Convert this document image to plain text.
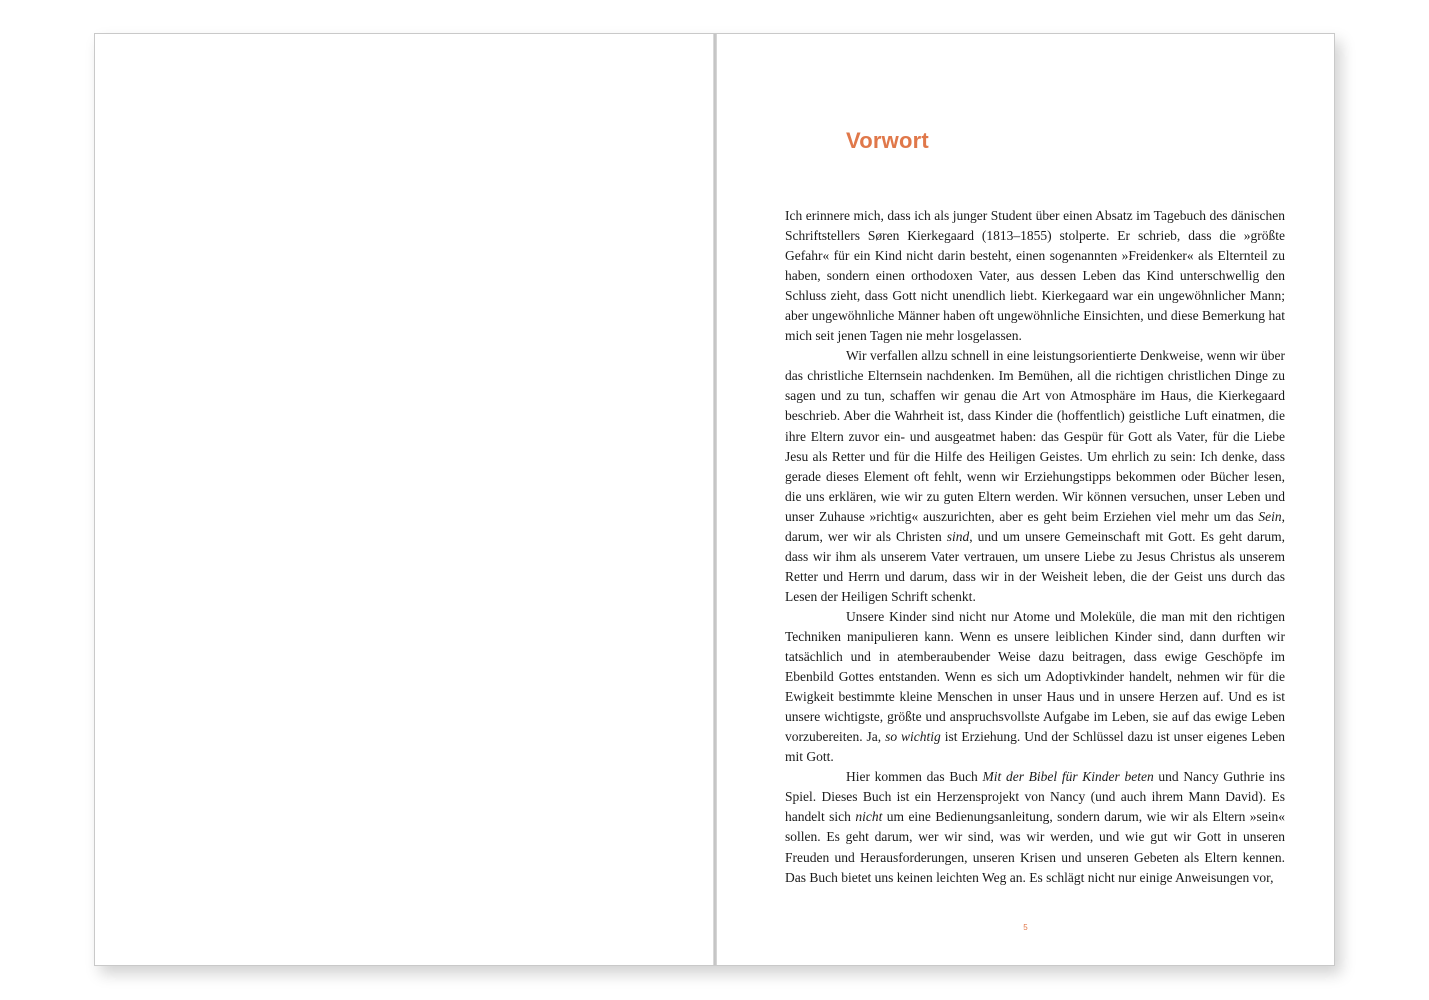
Vorwort

Ich erinnere mich, dass ich als junger Student über einen Absatz im Tagebuch des dänischen Schriftstellers Søren Kierkegaard (1813–1855) stolperte. Er schrieb, dass die »größte Gefahr« für ein Kind nicht darin besteht, einen sogenannten »Freidenker« als Elternteil zu haben, sondern einen orthodoxen Vater, aus dessen Leben das Kind unterschwellig den Schluss zieht, dass Gott nicht unendlich liebt. Kierkegaard war ein ungewöhnlicher Mann; aber ungewöhnliche Männer haben oft ungewöhnliche Einsichten, und diese Bemerkung hat mich seit jenen Tagen nie mehr losgelassen.

Wir verfallen allzu schnell in eine leistungsorientierte Denkweise, wenn wir über das christliche Elternsein nachdenken. Im Bemühen, all die richtigen christlichen Dinge zu sagen und zu tun, schaffen wir genau die Art von Atmosphäre im Haus, die Kierkegaard beschrieb. Aber die Wahrheit ist, dass Kinder die (hoffentlich) geistliche Luft einatmen, die ihre Eltern zuvor ein- und ausgeatmet haben: das Gespür für Gott als Vater, für die Liebe Jesu als Retter und für die Hilfe des Heiligen Geistes. Um ehrlich zu sein: Ich denke, dass gerade dieses Element oft fehlt, wenn wir Erziehungstipps bekommen oder Bücher lesen, die uns erklären, wie wir zu guten Eltern werden. Wir können versuchen, unser Leben und unser Zuhause »richtig« auszurichten, aber es geht beim Erziehen viel mehr um das Sein, darum, wer wir als Christen sind, und um unsere Gemeinschaft mit Gott. Es geht darum, dass wir ihm als unserem Vater vertrauen, um unsere Liebe zu Jesus Christus als unserem Retter und Herrn und darum, dass wir in der Weisheit leben, die der Geist uns durch das Lesen der Heiligen Schrift schenkt.

Unsere Kinder sind nicht nur Atome und Moleküle, die man mit den richtigen Techniken manipulieren kann. Wenn es unsere leiblichen Kinder sind, dann durften wir tatsächlich und in atemberaubender Weise dazu beitragen, dass ewige Geschöpfe im Ebenbild Gottes entstanden. Wenn es sich um Adoptivkinder handelt, nehmen wir für die Ewigkeit bestimmte kleine Menschen in unser Haus und in unsere Herzen auf. Und es ist unsere wichtigste, größte und anspruchsvollste Aufgabe im Leben, sie auf das ewige Leben vorzubereiten. Ja, so wichtig ist Erziehung. Und der Schlüssel dazu ist unser eigenes Leben mit Gott.

Hier kommen das Buch Mit der Bibel für Kinder beten und Nancy Guthrie ins Spiel. Dieses Buch ist ein Herzensprojekt von Nancy (und auch ihrem Mann David). Es handelt sich nicht um eine Bedienungsanleitung, sondern darum, wie wir als Eltern »sein« sollen. Es geht darum, wer wir sind, was wir werden, und wie gut wir Gott in unseren Freuden und Herausforderungen, unseren Krisen und unseren Gebeten als Eltern kennen. Das Buch bietet uns keinen leichten Weg an. Es schlägt nicht nur einige Anweisungen vor,

5
